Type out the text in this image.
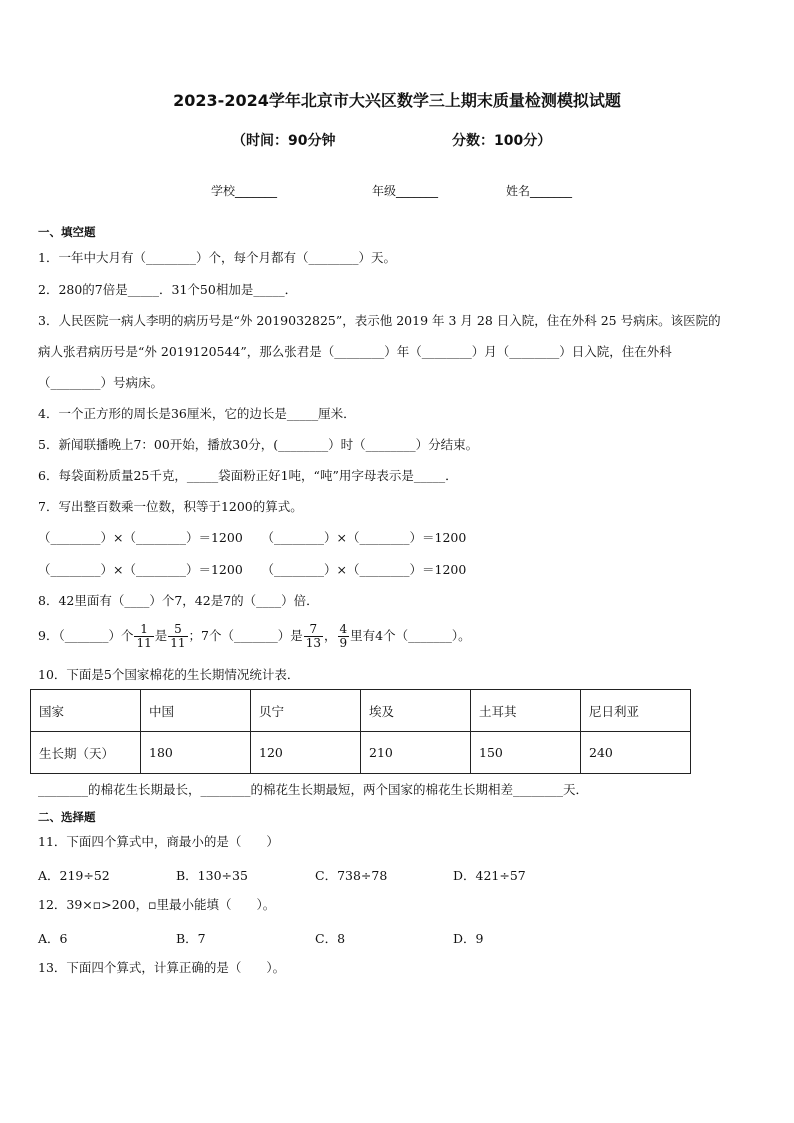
2023-2024学年北京市大兴区数学三上期末质量检测模拟试题
（时间：90分钟	分数：100分）
学校_______	年级_______	姓名_______
一、填空题
1．一年中大月有（________）个，每个月都有（________）天。
2．280的7倍是_____．31个50相加是_____．
3．人民医院一病人李明的病历号是“外 2019032825”，表示他 2019 年 3 月 28 日入院，住在外科 25 号病床。该医院的
病人张君病历号是“外 2019120544”，那么张君是（________）年（________）月（________）日入院，住在外科
（________）号病床。
4．一个正方形的周长是36厘米，它的边长是_____厘米．
5．新闻联播晚上7：00开始，播放30分，(________）时（________）分结束。
6．每袋面粉质量25千克，_____袋面粉正好1吨，“吨”用字母表示是_____．
7．写出整百数乘一位数，积等于1200的算式。
（________）×（________）＝1200　　（________）×（________）＝1200
（________）×（________）＝1200　　（________）×（________）＝1200
8．42里面有（____）个7，42是7的（____）倍．
9．（_______）个 $\frac{1}{11}$ 是 $\frac{5}{11}$ ；7个（_______）是 $\frac{7}{13}$ ， $\frac{4}{9}$ 里有4个（_______）。
10．下面是5个国家棉花的生长期情况统计表．
国家	中国	贝宁	埃及	土耳其	尼日利亚
生长期（天）	180	120	210	150	240
________的棉花生长期最长，________的棉花生长期最短，两个国家的棉花生长期相差________天．
二、选择题
11．下面四个算式中，商最小的是（　　）
A．219÷52	B．130÷35	C．738÷78	D．421÷57
12．39×▫>200，▫里最小能填（　　）。
A．6	B．7	C．8	D．9
13．下面四个算式，计算正确的是（　　）。
